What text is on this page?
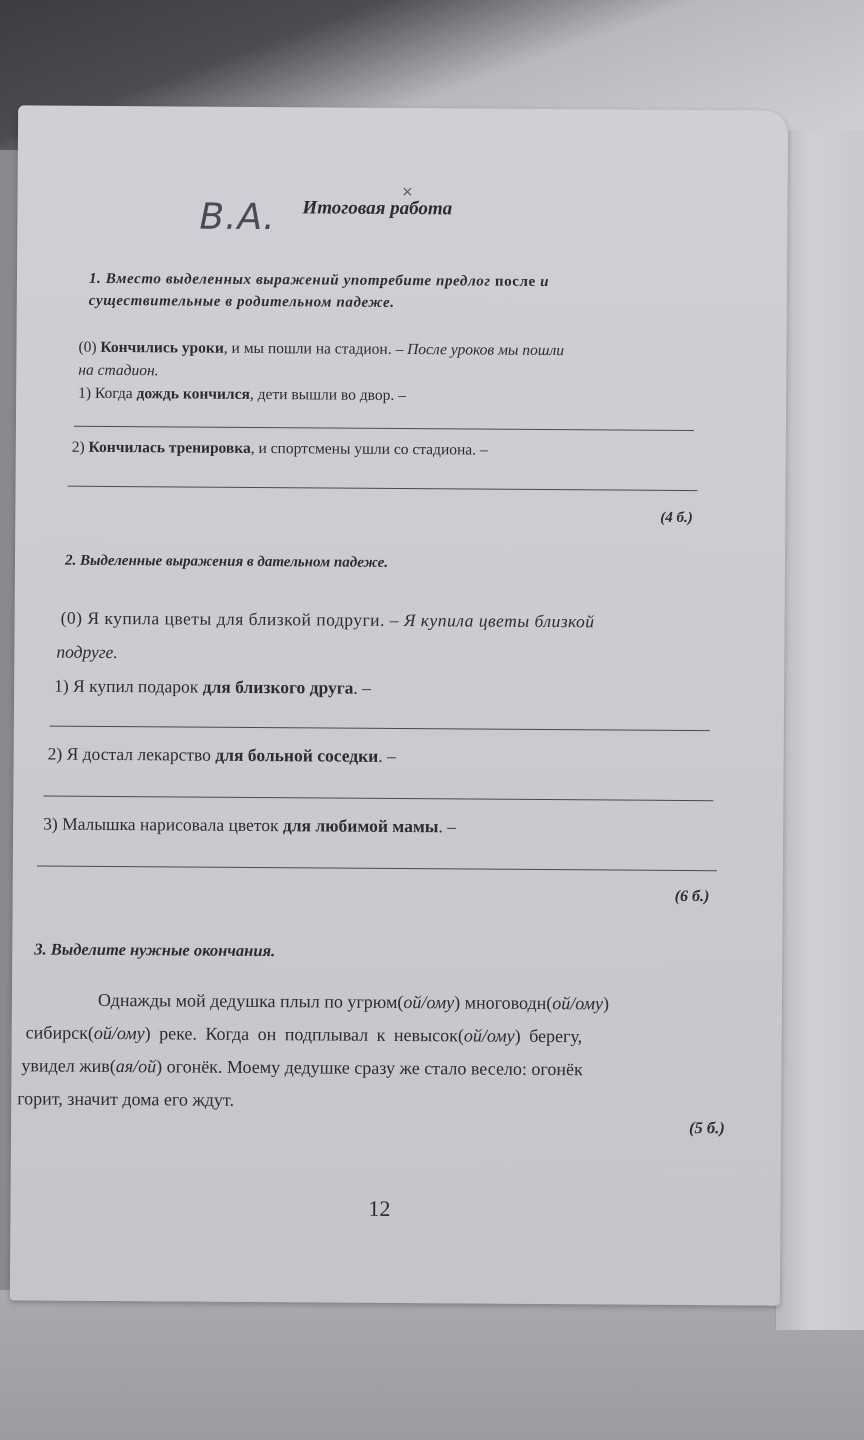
В.А. Итоговая работа
×
1. Вместо выделенных выражений употребите предлог после и
существительные в родительном падеже.
(0) Кончились уроки, и мы пошли на стадион. – После уроков мы пошли
на стадион.
1) Когда дождь кончился, дети вышли во двор. –
2) Кончилась тренировка, и спортсмены ушли со стадиона. –
(4 б.)
2. Выделенные выражения в дательном падеже.
(0) Я купила цветы для близкой подруги. – Я купила цветы близкой
подруге.
1) Я купил подарок для близкого друга. –
2) Я достал лекарство для больной соседки. –
3) Малышка нарисовала цветок для любимой мамы. –
(6 б.)
3. Выделите нужные окончания.
Однажды мой дедушка плыл по угрюм(ой/ому) многоводн(ой/ому)
сибирск(ой/ому) реке. Когда он подплывал к невысок(ой/ому) берегу,
увидел жив(ая/ой) огонёк. Моему дедушке сразу же стало весело: огонёк
горит, значит дома его ждут.
(5 б.)
12
